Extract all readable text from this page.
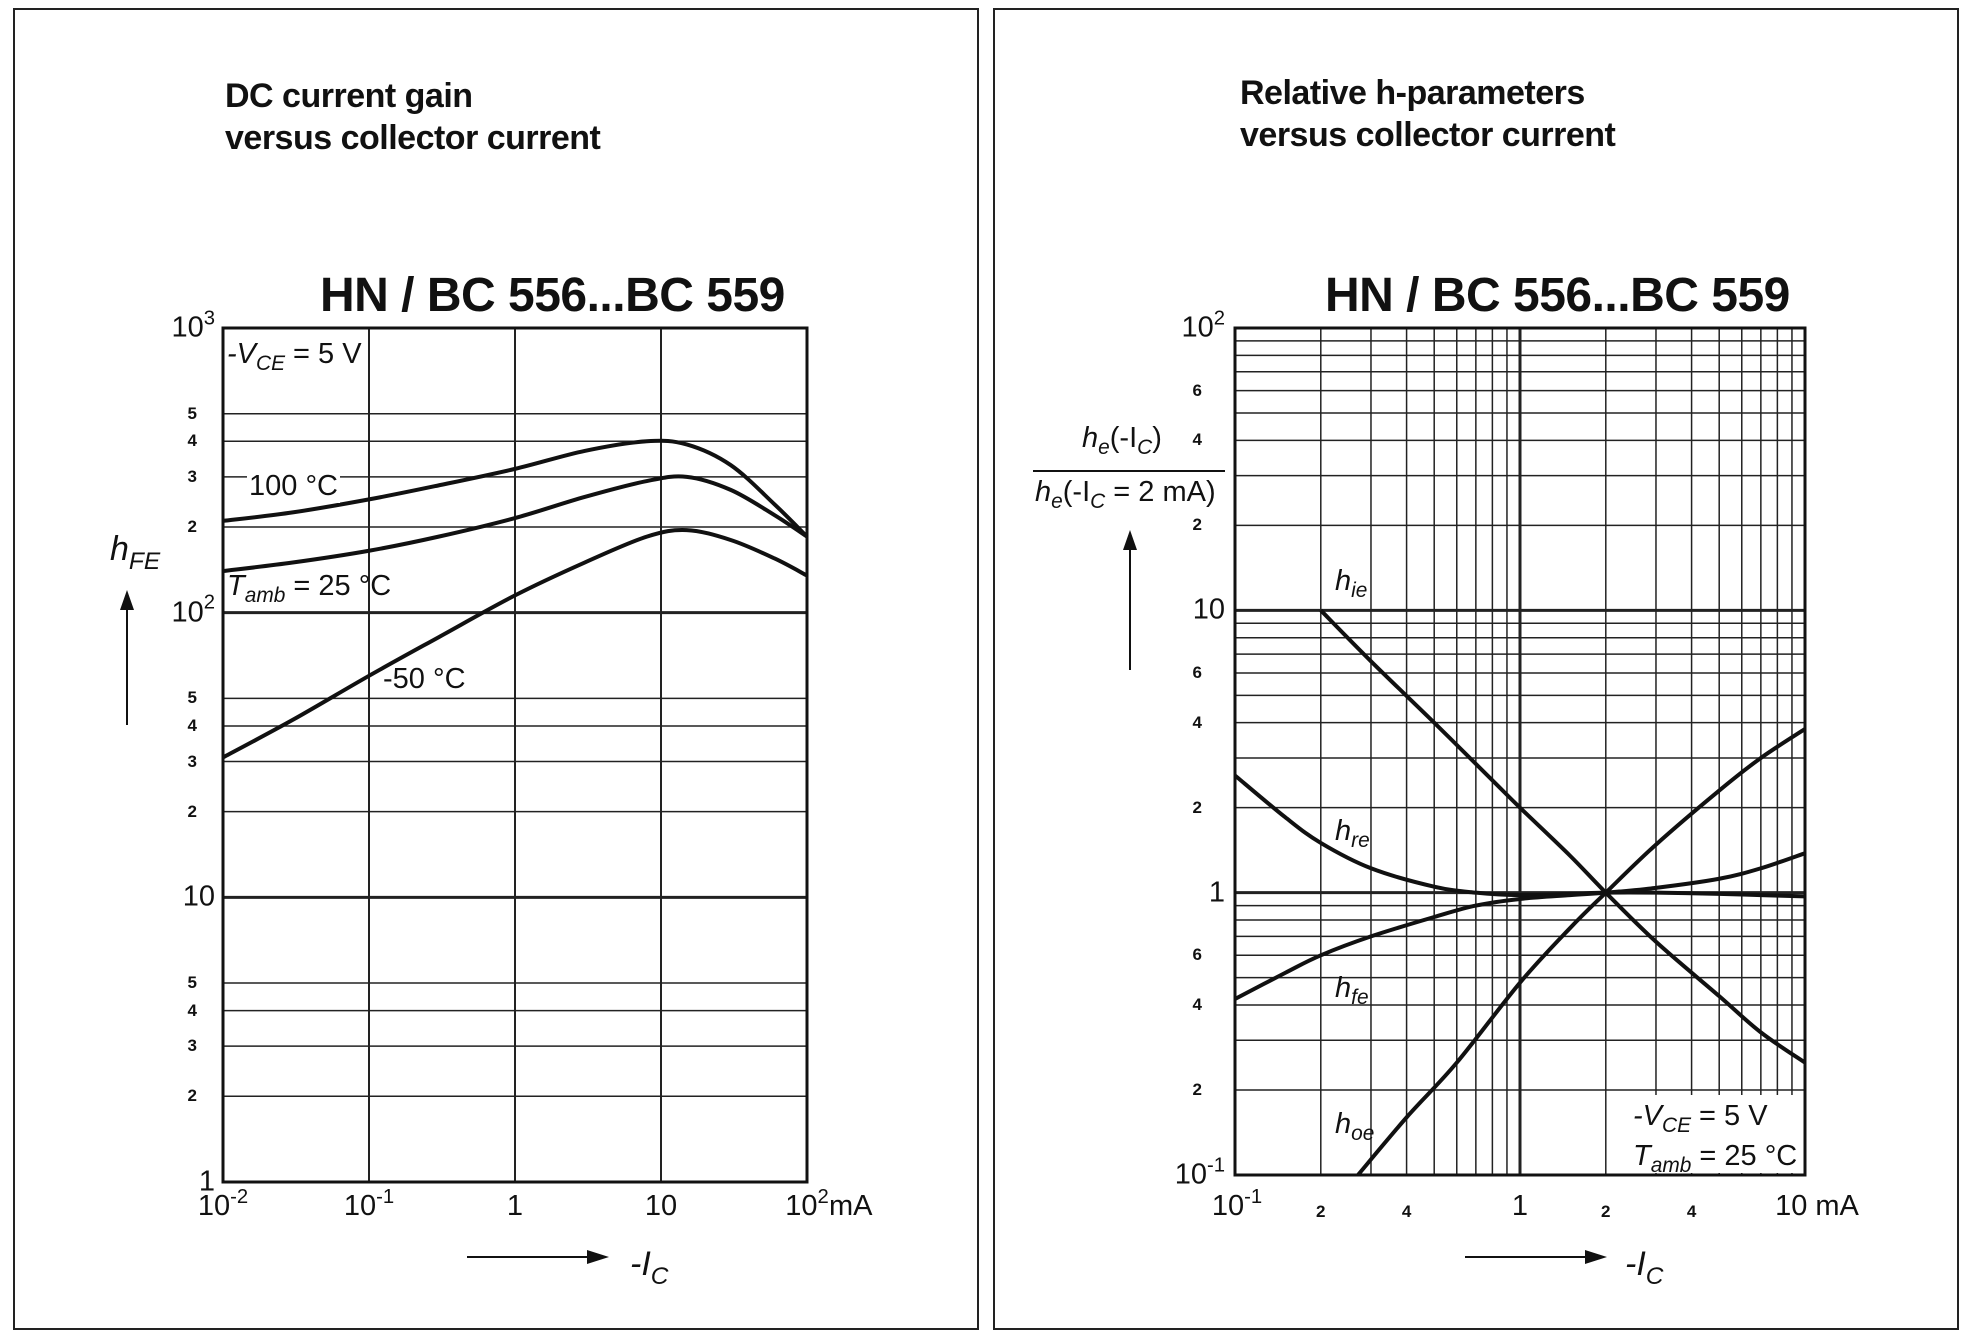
DC current gain
versus collector current
HN / BC 556...BC 559
$h_{FE}$
$-I_C$
$-V_{CE} = 5$ V
100 °C
$T_{amb} = 25$ °C
-50 °C
$10^{-2}$	$10^{-1}$	1	10	$10^2$ mA
$10^3$
$10^2$
10
1
5
4
3
2
5
4
3
2
5
4
3
2
Relative h-parameters
versus collector current
HN / BC 556...BC 559
$h_e(-I_C)$
$h_e(-I_C = 2$ mA)
$-I_C$
$h_{ie}$
$h_{re}$
$h_{fe}$
$h_{oe}$
$-V_{CE} = 5$ V
$T_{amb} = 25$ °C
$10^{-1}$	1	10 mA
2	4	2	4
$10^2$
10
1
$10^{-1}$
6
4
2
6
4
2
6
4
2
